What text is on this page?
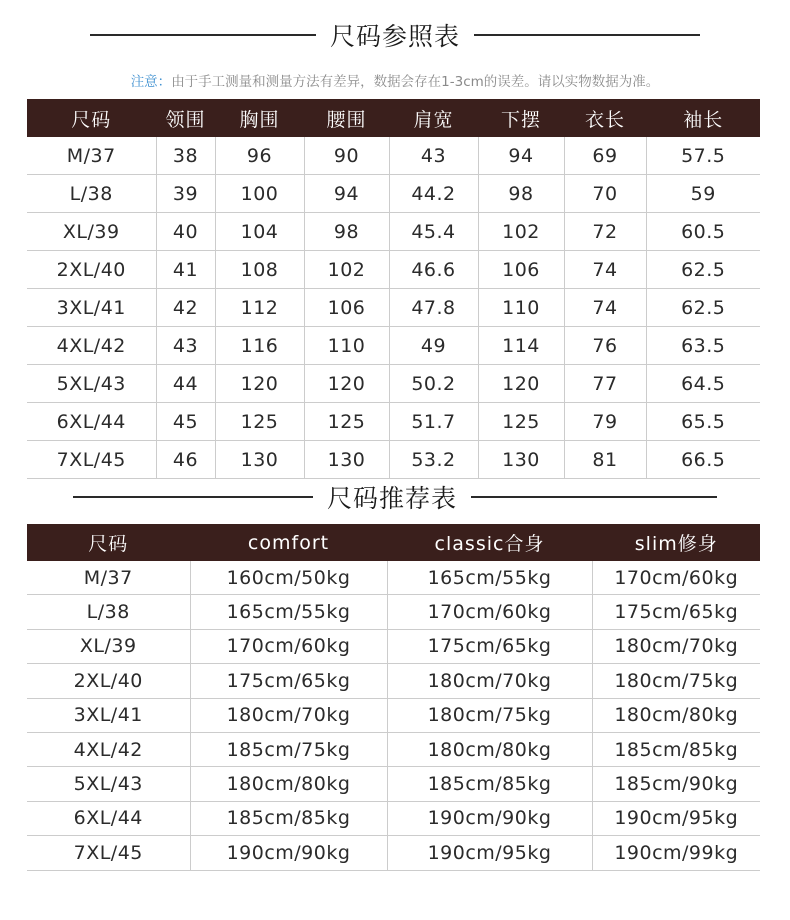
尺码参照表
注意：由于手工测量和测量方法有差异，数据会存在1-3cm的误差。请以实物数据为准。
尺码	领围	胸围	腰围	肩宽	下摆	衣长	袖长
M/37	38	96	90	43	94	69	57.5
L/38	39	100	94	44.2	98	70	59
XL/39	40	104	98	45.4	102	72	60.5
2XL/40	41	108	102	46.6	106	74	62.5
3XL/41	42	112	106	47.8	110	74	62.5
4XL/42	43	116	110	49	114	76	63.5
5XL/43	44	120	120	50.2	120	77	64.5
6XL/44	45	125	125	51.7	125	79	65.5
7XL/45	46	130	130	53.2	130	81	66.5
尺码推荐表
尺码	comfort	classic合身	slim修身
M/37	160cm/50kg	165cm/55kg	170cm/60kg
L/38	165cm/55kg	170cm/60kg	175cm/65kg
XL/39	170cm/60kg	175cm/65kg	180cm/70kg
2XL/40	175cm/65kg	180cm/70kg	180cm/75kg
3XL/41	180cm/70kg	180cm/75kg	180cm/80kg
4XL/42	185cm/75kg	180cm/80kg	185cm/85kg
5XL/43	180cm/80kg	185cm/85kg	185cm/90kg
6XL/44	185cm/85kg	190cm/90kg	190cm/95kg
7XL/45	190cm/90kg	190cm/95kg	190cm/99kg
